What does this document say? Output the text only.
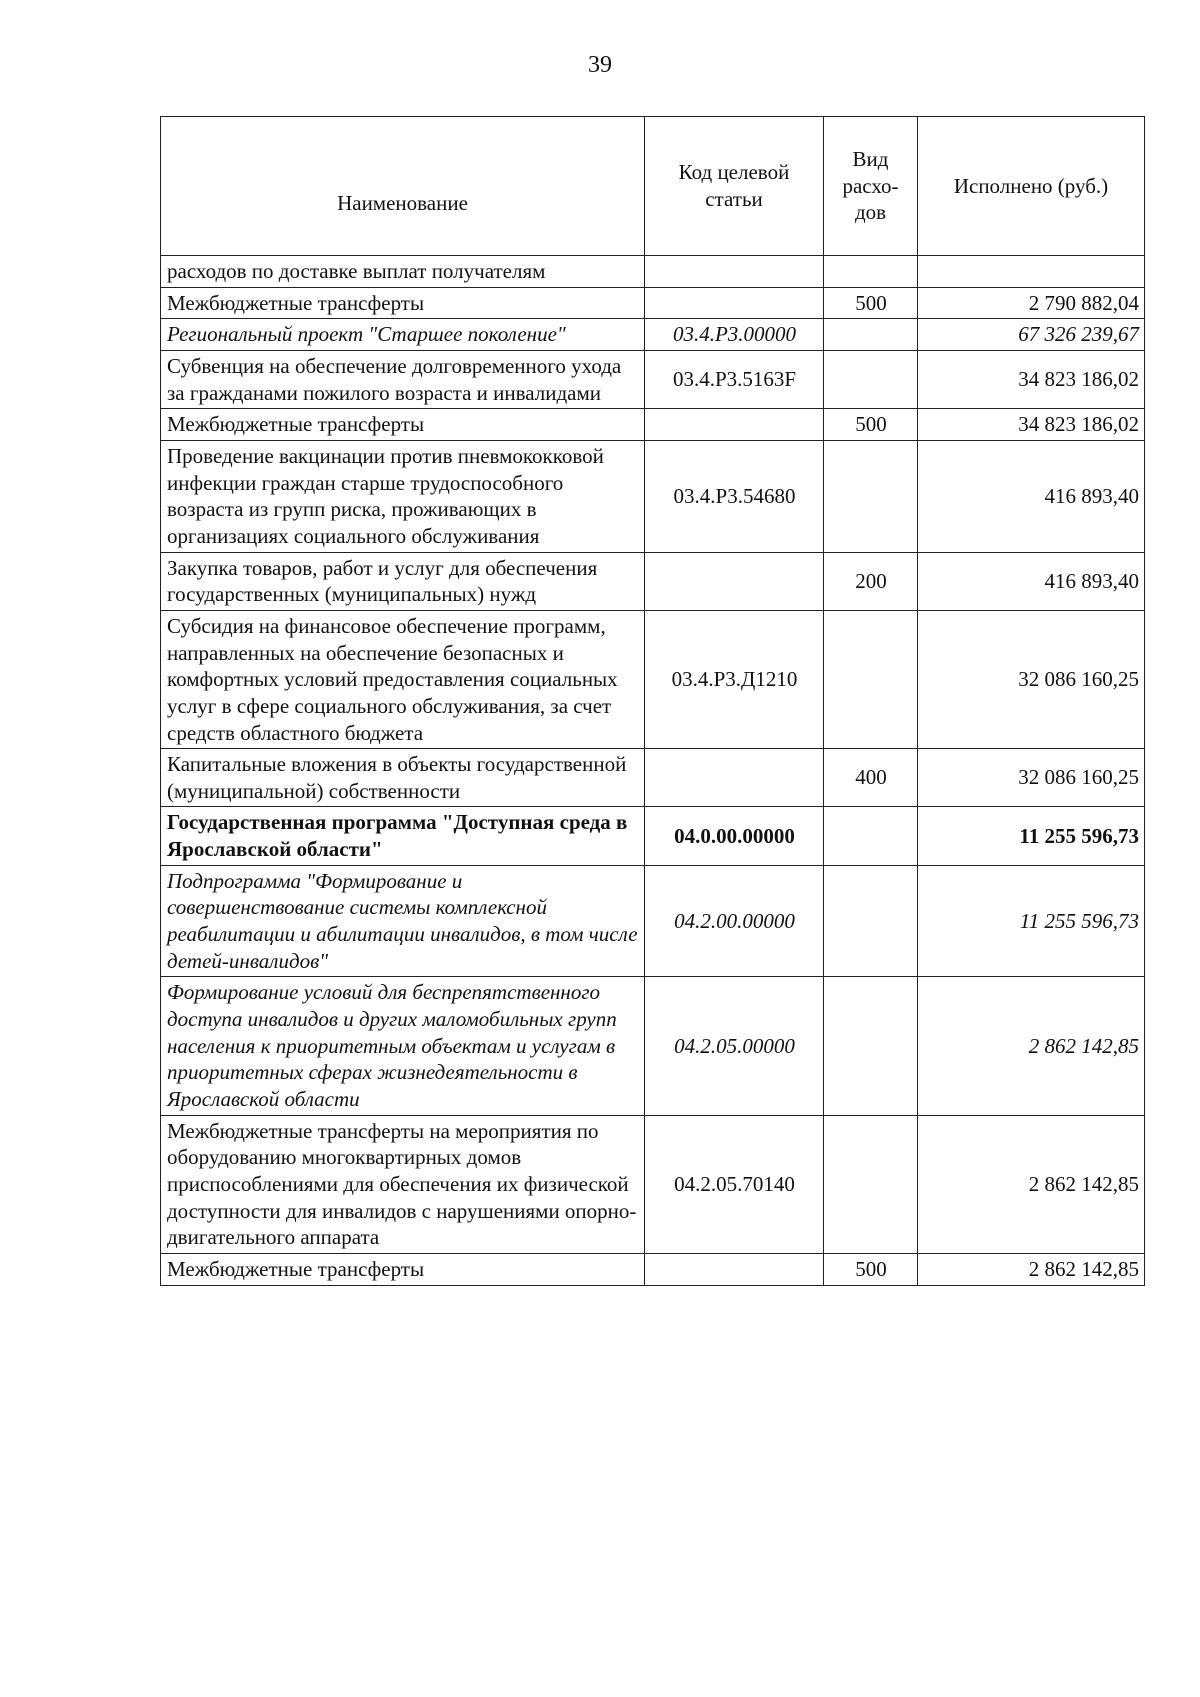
39
Наименование	Код целевой статьи	Вид расхо-дов	Исполнено (руб.)
расходов по доставке выплат получателям			
Межбюджетные трансферты		500	2 790 882,04
Региональный проект "Старшее поколение"	03.4.Р3.00000		67 326 239,67
Субвенция на обеспечение долговременного ухода за гражданами пожилого возраста и инвалидами	03.4.Р3.5163F		34 823 186,02
Межбюджетные трансферты		500	34 823 186,02
Проведение вакцинации против пневмококковой инфекции граждан старше трудоспособного возраста из групп риска, проживающих в организациях социального обслуживания	03.4.Р3.54680		416 893,40
Закупка товаров, работ и услуг для обеспечения государственных (муниципальных) нужд		200	416 893,40
Субсидия на финансовое обеспечение программ, направленных на обеспечение безопасных и комфортных условий предоставления социальных услуг в сфере социального обслуживания, за счет средств областного бюджета	03.4.Р3.Д1210		32 086 160,25
Капитальные вложения в объекты государственной (муниципальной) собственности		400	32 086 160,25
Государственная программа "Доступная среда в Ярославской области"	04.0.00.00000		11 255 596,73
Подпрограмма "Формирование и совершенствование системы комплексной реабилитации и абилитации инвалидов, в том числе детей-инвалидов"	04.2.00.00000		11 255 596,73
Формирование условий для беспрепятственного доступа инвалидов и других маломобильных групп населения к приоритетным объектам и услугам в приоритетных сферах жизнедеятельности в Ярославской области	04.2.05.00000		2 862 142,85
Межбюджетные трансферты на мероприятия по оборудованию многоквартирных домов приспособлениями для обеспечения их физической доступности для инвалидов с нарушениями опорно-двигательного аппарата	04.2.05.70140		2 862 142,85
Межбюджетные трансферты		500	2 862 142,85
